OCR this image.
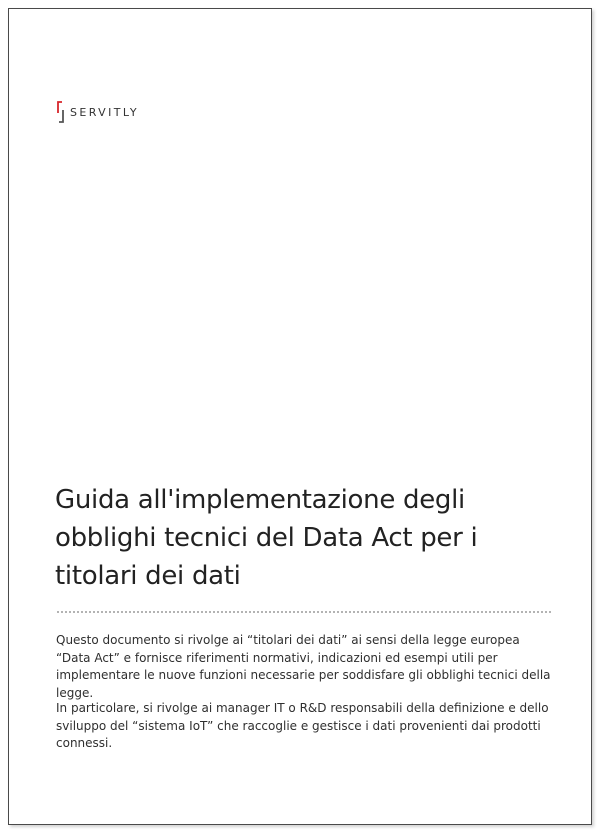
SERVITLY
Guida all'implementazione degli obblighi tecnici del Data Act per i titolari dei dati

Questo documento si rivolge ai “titolari dei dati” ai sensi della legge europea “Data Act” e fornisce riferimenti normativi, indicazioni ed esempi utili per implementare le nuove funzioni necessarie per soddisfare gli obblighi tecnici della legge.

In particolare, si rivolge ai manager IT o R&D responsabili della definizione e dello sviluppo del “sistema IoT” che raccoglie e gestisce i dati provenienti dai prodotti connessi.
